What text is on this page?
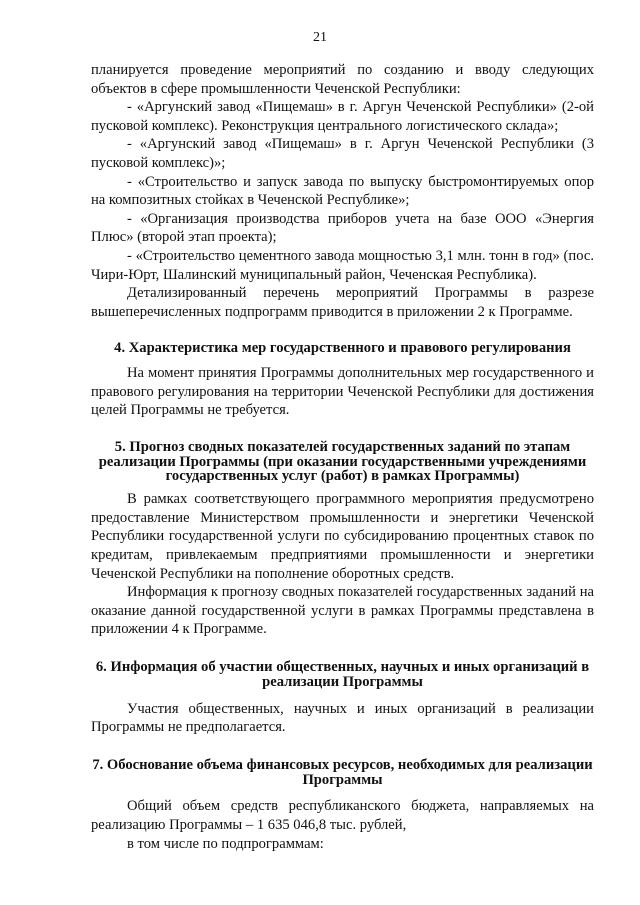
21

планируется проведение мероприятий по созданию и вводу следующих объектов в сфере промышленности Чеченской Республики:

- «Аргунский завод «Пищемаш» в г. Аргун Чеченской Республики» (2-ой пусковой комплекс). Реконструкция центрального логистического склада»;

- «Аргунский завод «Пищемаш» в г. Аргун Чеченской Республики (3 пусковой комплекс)»;

- «Строительство и запуск завода по выпуску быстромонтируемых опор на композитных стойках в Чеченской Республике»;

- «Организация производства приборов учета на базе ООО «Энергия Плюс» (второй этап проекта);

- «Строительство цементного завода мощностью 3,1 млн. тонн в год» (пос. Чири-Юрт, Шалинский муниципальный район, Чеченская Республика).

Детализированный перечень мероприятий Программы в разрезе вышеперечисленных подпрограмм приводится в приложении 2 к Программе.

4. Характеристика мер государственного и правового регулирования

На момент принятия Программы дополнительных мер государственного и правового регулирования на территории Чеченской Республики для достижения целей Программы не требуется.

5. Прогноз сводных показателей государственных заданий по этапам реализации Программы (при оказании государственными учреждениями государственных услуг (работ) в рамках Программы)

В рамках соответствующего программного мероприятия предусмотрено предоставление Министерством промышленности и энергетики Чеченской Республики государственной услуги по субсидированию процентных ставок по кредитам, привлекаемым предприятиями промышленности и энергетики Чеченской Республики на пополнение оборотных средств.

Информация к прогнозу сводных показателей государственных заданий на оказание данной государственной услуги в рамках Программы представлена в приложении 4 к Программе.

6. Информация об участии общественных, научных и иных организаций в реализации Программы

Участия общественных, научных и иных организаций в реализации Программы не предполагается.

7. Обоснование объема финансовых ресурсов, необходимых для реализации Программы

Общий объем средств республиканского бюджета, направляемых на реализацию Программы – 1 635 046,8 тыс. рублей,

в том числе по подпрограммам:
